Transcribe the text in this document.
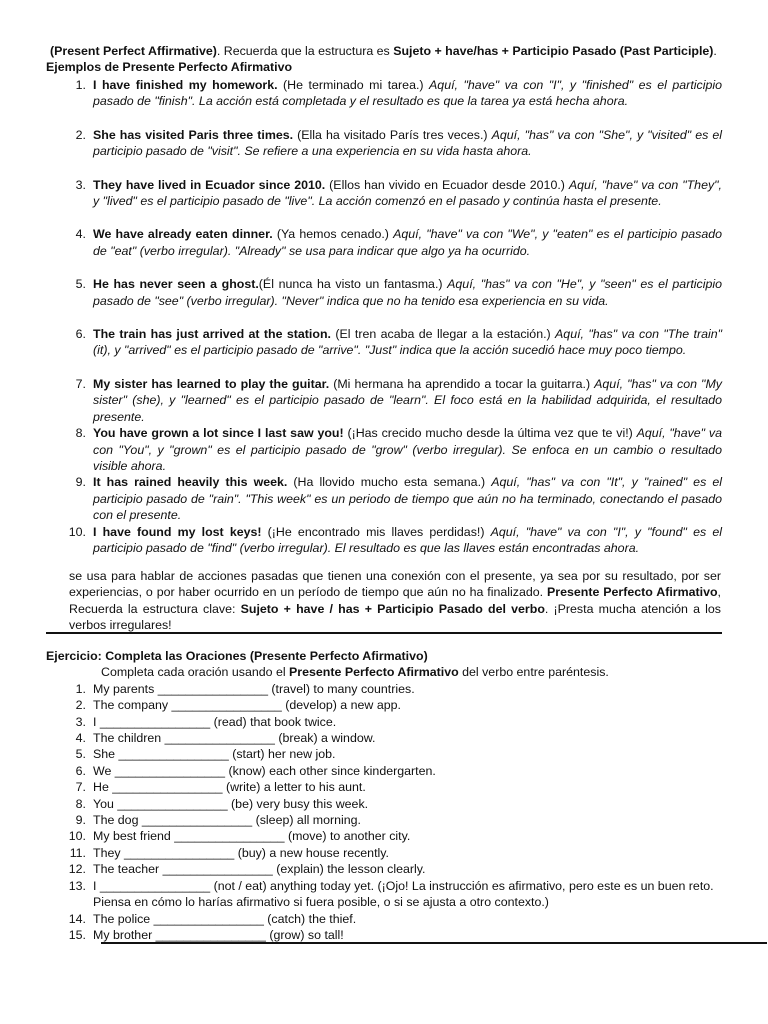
(Present Perfect Affirmative). Recuerda que la estructura es Sujeto + have/has + Participio Pasado (Past Participle).

Ejemplos de Presente Perfecto Afirmativo

1. I have finished my homework. (He terminado mi tarea.) Aquí, "have" va con "I", y "finished" es el participio pasado de "finish". La acción está completada y el resultado es que la tarea ya está hecha ahora.
2. She has visited Paris three times. (Ella ha visitado París tres veces.) Aquí, "has" va con "She", y "visited" es el participio pasado de "visit". Se refiere a una experiencia en su vida hasta ahora.
3. They have lived in Ecuador since 2010. (Ellos han vivido en Ecuador desde 2010.) Aquí, "have" va con "They", y "lived" es el participio pasado de "live". La acción comenzó en el pasado y continúa hasta el presente.
4. We have already eaten dinner. (Ya hemos cenado.) Aquí, "have" va con "We", y "eaten" es el participio pasado de "eat" (verbo irregular). "Already" se usa para indicar que algo ya ha ocurrido.
5. He has never seen a ghost.(Él nunca ha visto un fantasma.) Aquí, "has" va con "He", y "seen" es el participio pasado de "see" (verbo irregular). "Never" indica que no ha tenido esa experiencia en su vida.
6. The train has just arrived at the station. (El tren acaba de llegar a la estación.) Aquí, "has" va con "The train" (it), y "arrived" es el participio pasado de "arrive". "Just" indica que la acción sucedió hace muy poco tiempo.
7. My sister has learned to play the guitar. (Mi hermana ha aprendido a tocar la guitarra.) Aquí, "has" va con "My sister" (she), y "learned" es el participio pasado de "learn". El foco está en la habilidad adquirida, el resultado presente.
8. You have grown a lot since I last saw you! (¡Has crecido mucho desde la última vez que te vi!) Aquí, "have" va con "You", y "grown" es el participio pasado de "grow" (verbo irregular). Se enfoca en un cambio o resultado visible ahora.
9. It has rained heavily this week. (Ha llovido mucho esta semana.) Aquí, "has" va con "It", y "rained" es el participio pasado de "rain". "This week" es un periodo de tiempo que aún no ha terminado, conectando el pasado con el presente.
10. I have found my lost keys! (¡He encontrado mis llaves perdidas!) Aquí, "have" va con "I", y "found" es el participio pasado de "find" (verbo irregular). El resultado es que las llaves están encontradas ahora.
se usa para hablar de acciones pasadas que tienen una conexión con el presente, ya sea por su resultado, por ser experiencias, o por haber ocurrido en un período de tiempo que aún no ha finalizado. Presente Perfecto Afirmativo, Recuerda la estructura clave: Sujeto + have / has + Participio Pasado del verbo. ¡Presta mucha atención a los verbos irregulares!

Ejercicio: Completa las Oraciones (Presente Perfecto Afirmativo)

Completa cada oración usando el Presente Perfecto Afirmativo del verbo entre paréntesis.

1. My parents ________________ (travel) to many countries.
2. The company ________________ (develop) a new app.
3. I ________________ (read) that book twice.
4. The children ________________ (break) a window.
5. She ________________ (start) her new job.
6. We ________________ (know) each other since kindergarten.
7. He ________________ (write) a letter to his aunt.
8. You ________________ (be) very busy this week.
9. The dog ________________ (sleep) all morning.
10. My best friend ________________ (move) to another city.
11. They ________________ (buy) a new house recently.
12. The teacher ________________ (explain) the lesson clearly.
13. I ________________ (not / eat) anything today yet. (¡Ojo! La instrucción es afirmativo, pero este es un buen reto. Piensa en cómo lo harías afirmativo si fuera posible, o si se ajusta a otro contexto.)
14. The police ________________ (catch) the thief.
15. My brother ________________ (grow) so tall!
